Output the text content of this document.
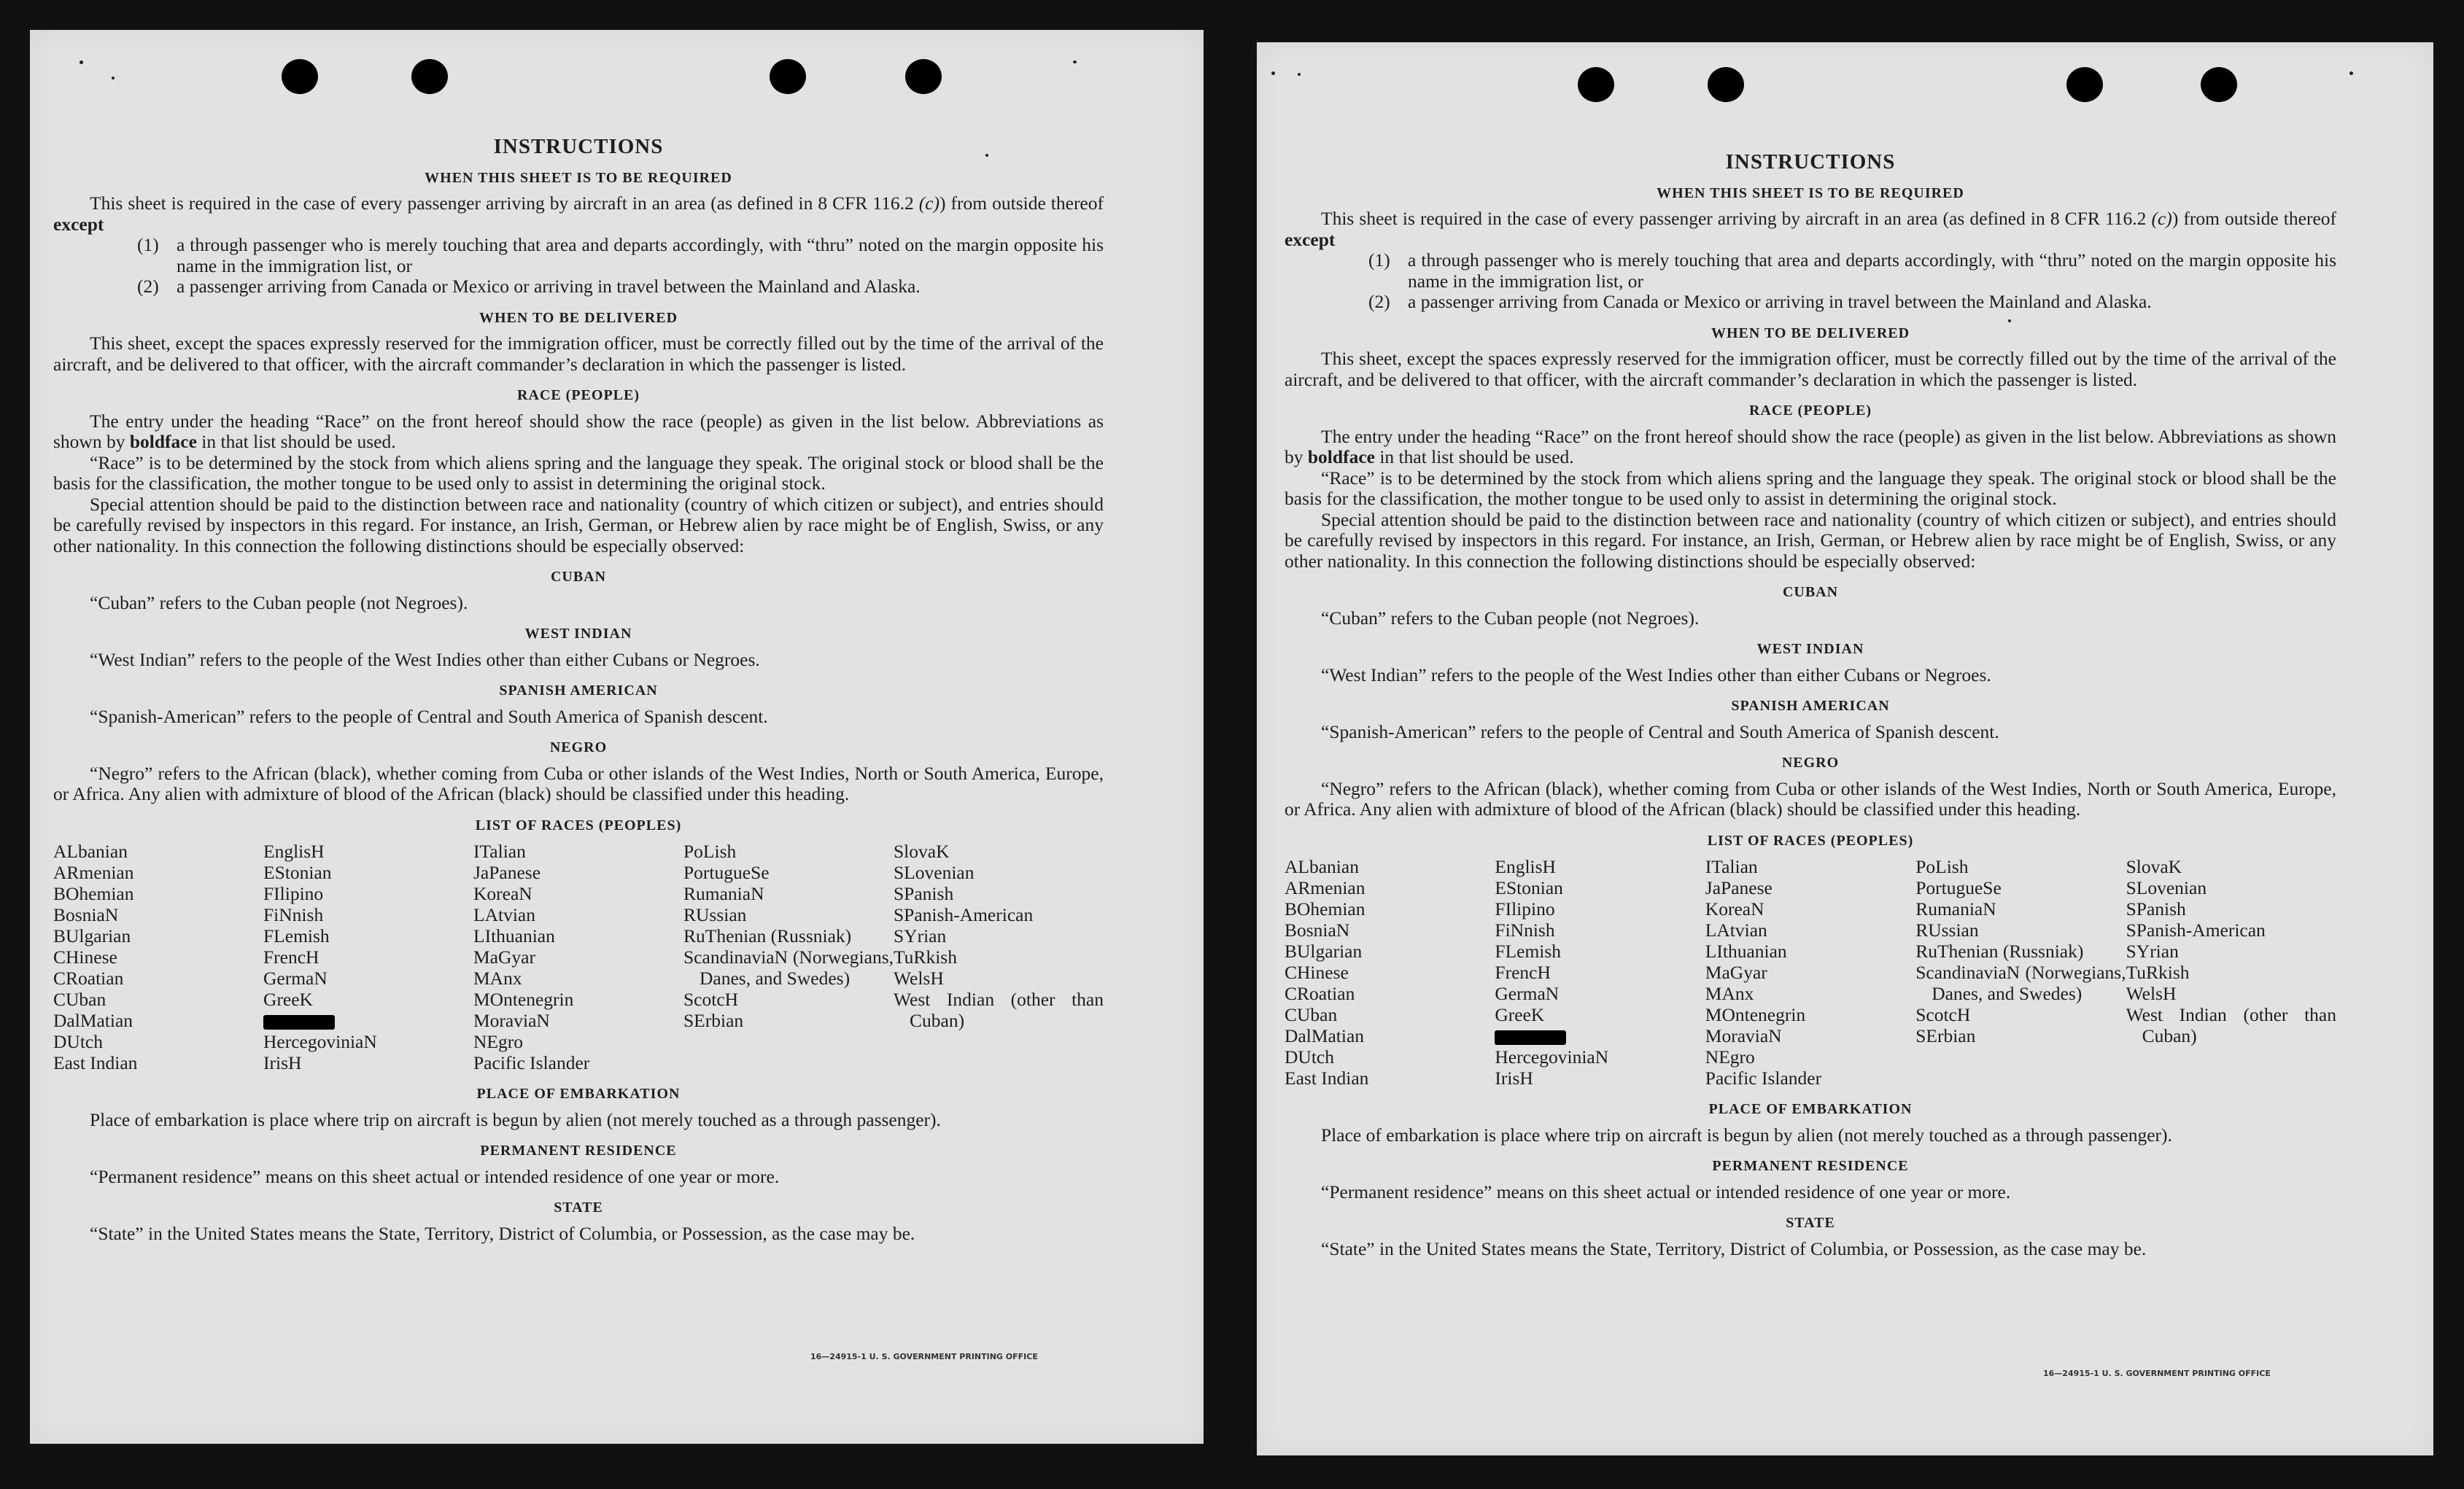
INSTRUCTIONS
WHEN THIS SHEET IS TO BE REQUIRED

This sheet is required in the case of every passenger arriving by aircraft in an area (as defined in 8 CFR 116.2 (c)) from outside thereof except

(1) a through passenger who is merely touching that area and departs accordingly, with “thru” noted on the margin opposite his name in the immigration list, or
(2) a passenger arriving from Canada or Mexico or arriving in travel between the Mainland and Alaska.
WHEN TO BE DELIVERED

This sheet, except the spaces expressly reserved for the immigration officer, must be correctly filled out by the time of the arrival of the aircraft, and be delivered to that officer, with the aircraft commander’s declaration in which the passenger is listed.

RACE (PEOPLE)

The entry under the heading “Race” on the front hereof should show the race (people) as given in the list below. Abbreviations as shown by boldface in that list should be used.

“Race” is to be determined by the stock from which aliens spring and the language they speak. The original stock or blood shall be the basis for the classification, the mother tongue to be used only to assist in determining the original stock.

Special attention should be paid to the distinction between race and nationality (country of which citizen or subject), and entries should be carefully revised by inspectors in this regard. For instance, an Irish, German, or Hebrew alien by race might be of English, Swiss, or any other nationality. In this connection the following distinctions should be especially observed:

CUBAN

“Cuban” refers to the Cuban people (not Negroes).

WEST INDIAN

“West Indian” refers to the people of the West Indies other than either Cubans or Negroes.

SPANISH AMERICAN

“Spanish-American” refers to the people of Central and South America of Spanish descent.

NEGRO

“Negro” refers to the African (black), whether coming from Cuba or other islands of the West Indies, North or South America, Europe, or Africa. Any alien with admixture of blood of the African (black) should be classified under this heading.

LIST OF RACES (PEOPLES)
ALbanian
ARmenian
BOhemian
BosniaN
BUlgarian
CHinese
CRoatian
CUban
DalMatian
DUtch
East Indian
EnglisH
EStonian
FIlipino
FiNnish
FLemish
FrencH
GermaN
GreeK
HercegoviniaN
IrisH
ITalian
JaPanese
KoreaN
LAtvian
LIthuanian
MaGyar
MAnx
MOntenegrin
MoraviaN
NEgro
Pacific Islander
PoLish
PortugueSe
RumaniaN
RUssian
RuThenian (Russniak)
ScandinaviaN (Norwegians, Danes, and Swedes)
ScotcH
SErbian
SlovaK
SLovenian
SPanish
SPanish-American
SYrian
TuRkish
WelsH
West Indian (other than Cuban)
PLACE OF EMBARKATION

Place of embarkation is place where trip on aircraft is begun by alien (not merely touched as a through passenger).

PERMANENT RESIDENCE

“Permanent residence” means on this sheet actual or intended residence of one year or more.

STATE

“State” in the United States means the State, Territory, District of Columbia, or Possession, as the case may be.

16—24915-1 U. S. GOVERNMENT PRINTING OFFICE
INSTRUCTIONS
WHEN THIS SHEET IS TO BE REQUIRED

This sheet is required in the case of every passenger arriving by aircraft in an area (as defined in 8 CFR 116.2 (c)) from outside thereof except

(1) a through passenger who is merely touching that area and departs accordingly, with “thru” noted on the margin opposite his name in the immigration list, or
(2) a passenger arriving from Canada or Mexico or arriving in travel between the Mainland and Alaska.
WHEN TO BE DELIVERED

This sheet, except the spaces expressly reserved for the immigration officer, must be correctly filled out by the time of the arrival of the aircraft, and be delivered to that officer, with the aircraft commander’s declaration in which the passenger is listed.

RACE (PEOPLE)

The entry under the heading “Race” on the front hereof should show the race (people) as given in the list below. Abbreviations as shown by boldface in that list should be used.

“Race” is to be determined by the stock from which aliens spring and the language they speak. The original stock or blood shall be the basis for the classification, the mother tongue to be used only to assist in determining the original stock.

Special attention should be paid to the distinction between race and nationality (country of which citizen or subject), and entries should be carefully revised by inspectors in this regard. For instance, an Irish, German, or Hebrew alien by race might be of English, Swiss, or any other nationality. In this connection the following distinctions should be especially observed:

CUBAN

“Cuban” refers to the Cuban people (not Negroes).

WEST INDIAN

“West Indian” refers to the people of the West Indies other than either Cubans or Negroes.

SPANISH AMERICAN

“Spanish-American” refers to the people of Central and South America of Spanish descent.

NEGRO

“Negro” refers to the African (black), whether coming from Cuba or other islands of the West Indies, North or South America, Europe, or Africa. Any alien with admixture of blood of the African (black) should be classified under this heading.

LIST OF RACES (PEOPLES)
ALbanian
ARmenian
BOhemian
BosniaN
BUlgarian
CHinese
CRoatian
CUban
DalMatian
DUtch
East Indian
EnglisH
EStonian
FIlipino
FiNnish
FLemish
FrencH
GermaN
GreeK
HercegoviniaN
IrisH
ITalian
JaPanese
KoreaN
LAtvian
LIthuanian
MaGyar
MAnx
MOntenegrin
MoraviaN
NEgro
Pacific Islander
PoLish
PortugueSe
RumaniaN
RUssian
RuThenian (Russniak)
ScandinaviaN (Norwegians, Danes, and Swedes)
ScotcH
SErbian
SlovaK
SLovenian
SPanish
SPanish-American
SYrian
TuRkish
WelsH
West Indian (other than Cuban)
PLACE OF EMBARKATION

Place of embarkation is place where trip on aircraft is begun by alien (not merely touched as a through passenger).

PERMANENT RESIDENCE

“Permanent residence” means on this sheet actual or intended residence of one year or more.

STATE

“State” in the United States means the State, Territory, District of Columbia, or Possession, as the case may be.

16—24915-1 U. S. GOVERNMENT PRINTING OFFICE
